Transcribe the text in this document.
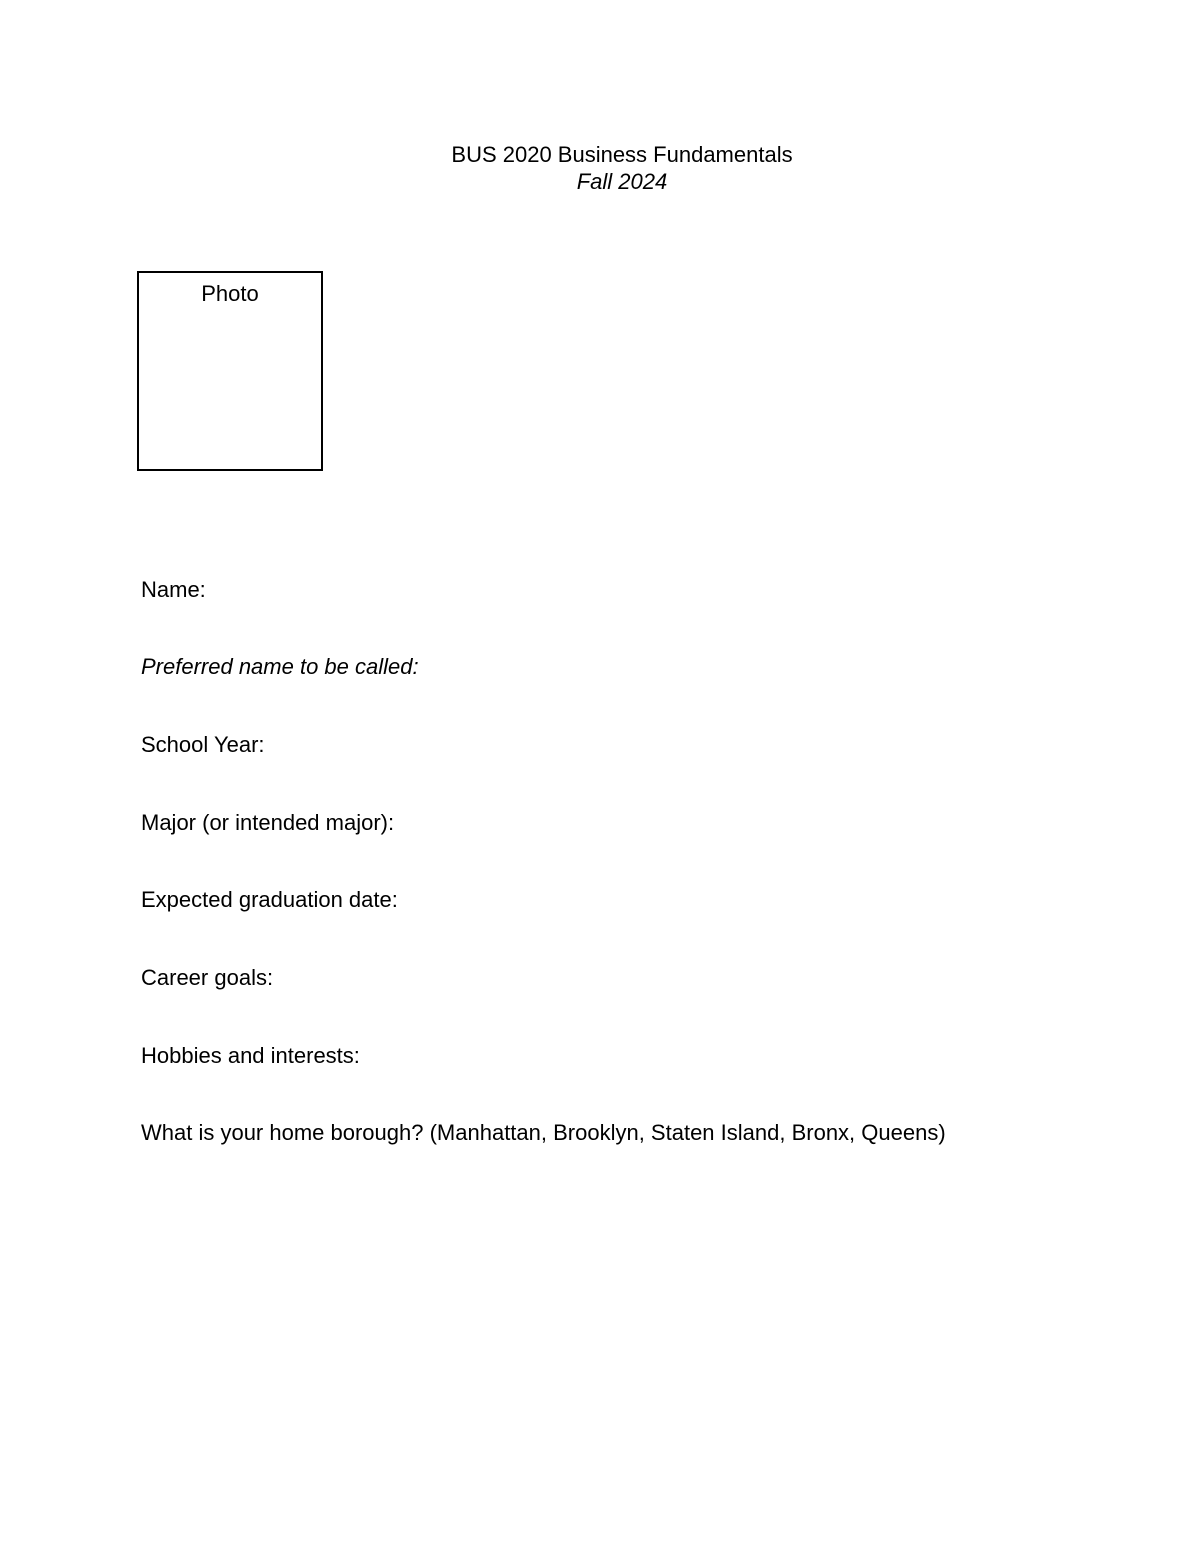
BUS 2020 Business Fundamentals
Fall 2024
Photo
Name:
Preferred name to be called:
School Year:
Major (or intended major):
Expected graduation date:
Career goals:
Hobbies and interests:
What is your home borough? (Manhattan, Brooklyn, Staten Island, Bronx, Queens)
